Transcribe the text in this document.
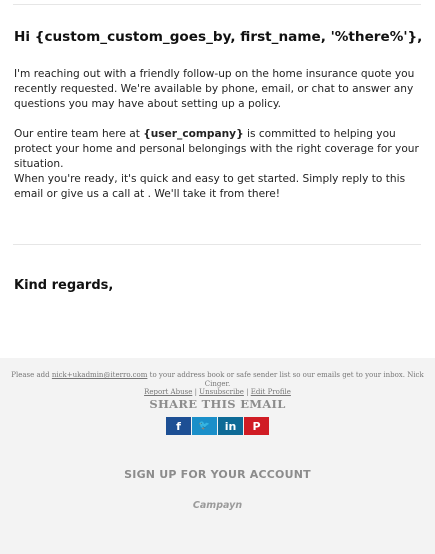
Hi {custom_custom_goes_by, first_name, '%there%'},
I'm reaching out with a friendly follow-up on the home insurance quote you recently requested. We're available by phone, email, or chat to answer any questions you may have about setting up a policy.
Our entire team here at {user_company} is committed to helping you protect your home and personal belongings with the right coverage for your situation.
When you're ready, it's quick and easy to get started. Simply reply to this email or give us a call at . We'll take it from there!
Kind regards,
Please add nick+ukadmin@iterro.com to your address book or safe sender list so our emails get to your inbox. Nick Cinger.
Report Abuse | Unsubscribe | Edit Profile
SHARE THIS EMAIL
f 🐦 in P
SIGN UP FOR YOUR ACCOUNT
Campayn
